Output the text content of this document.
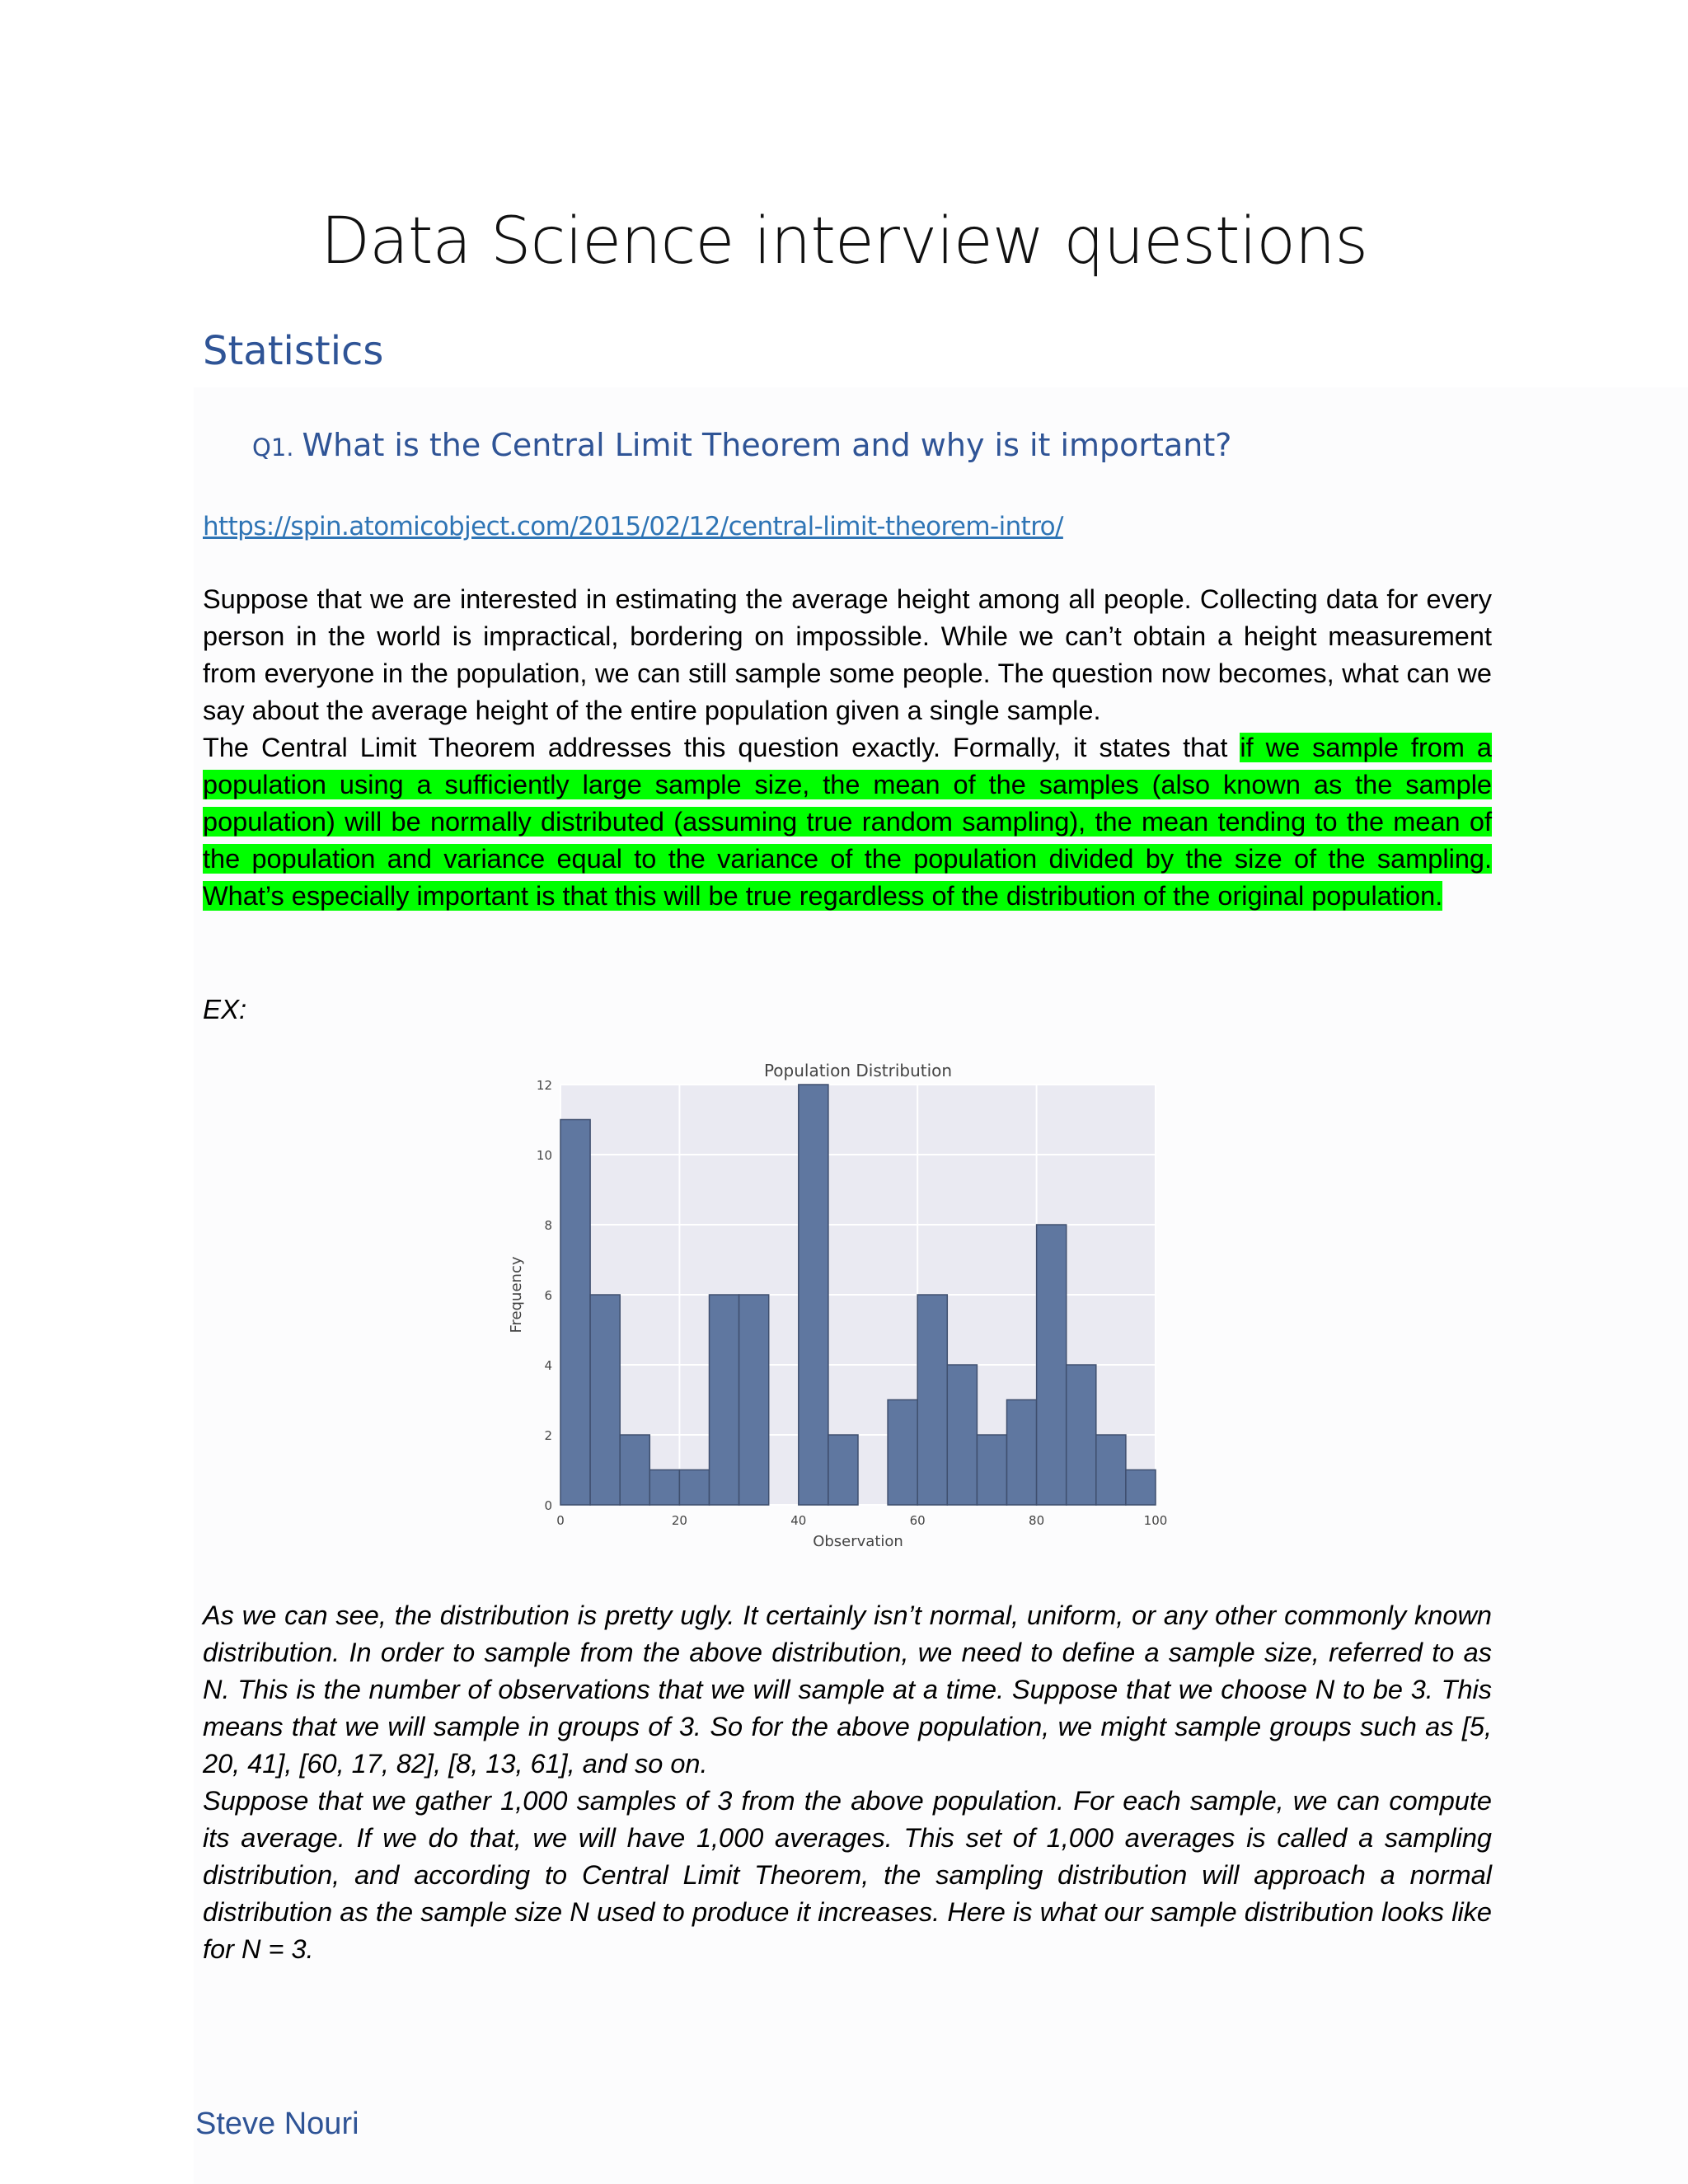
Data Science interview questions
Statistics
Q1. What is the Central Limit Theorem and why is it important?
https://spin.atomicobject.com/2015/02/12/central-limit-theorem-intro/

Suppose that we are interested in estimating the average height among all people. Collecting data for every person in the world is impractical, bordering on impossible. While we can’t obtain a height measurement from everyone in the population, we can still sample some people. The question now becomes, what can we say about the average height of the entire population given a single sample.

The Central Limit Theorem addresses this question exactly. Formally, it states that if we sample from a population using a sufficiently large sample size, the mean of the samples (also known as the sample population) will be normally distributed (assuming true random sampling), the mean tending to the mean of the population and variance equal to the variance of the population divided by the size of the sampling. What’s especially important is that this will be true regardless of the distribution of the original population.

EX:
0
2
4
6
8
10
12
0	20	40	60	80	100
Population Distribution
Observation
Frequency

As we can see, the distribution is pretty ugly. It certainly isn’t normal, uniform, or any other commonly known distribution. In order to sample from the above distribution, we need to define a sample size, referred to as N. This is the number of observations that we will sample at a time. Suppose that we choose N to be 3. This means that we will sample in groups of 3. So for the above population, we might sample groups such as [5, 20, 41], [60, 17, 82], [8, 13, 61], and so on.

Suppose that we gather 1,000 samples of 3 from the above population. For each sample, we can compute its average. If we do that, we will have 1,000 averages. This set of 1,000 averages is called a sampling distribution, and according to Central Limit Theorem, the sampling distribution will approach a normal distribution as the sample size N used to produce it increases. Here is what our sample distribution looks like for N = 3.

Steve Nouri
